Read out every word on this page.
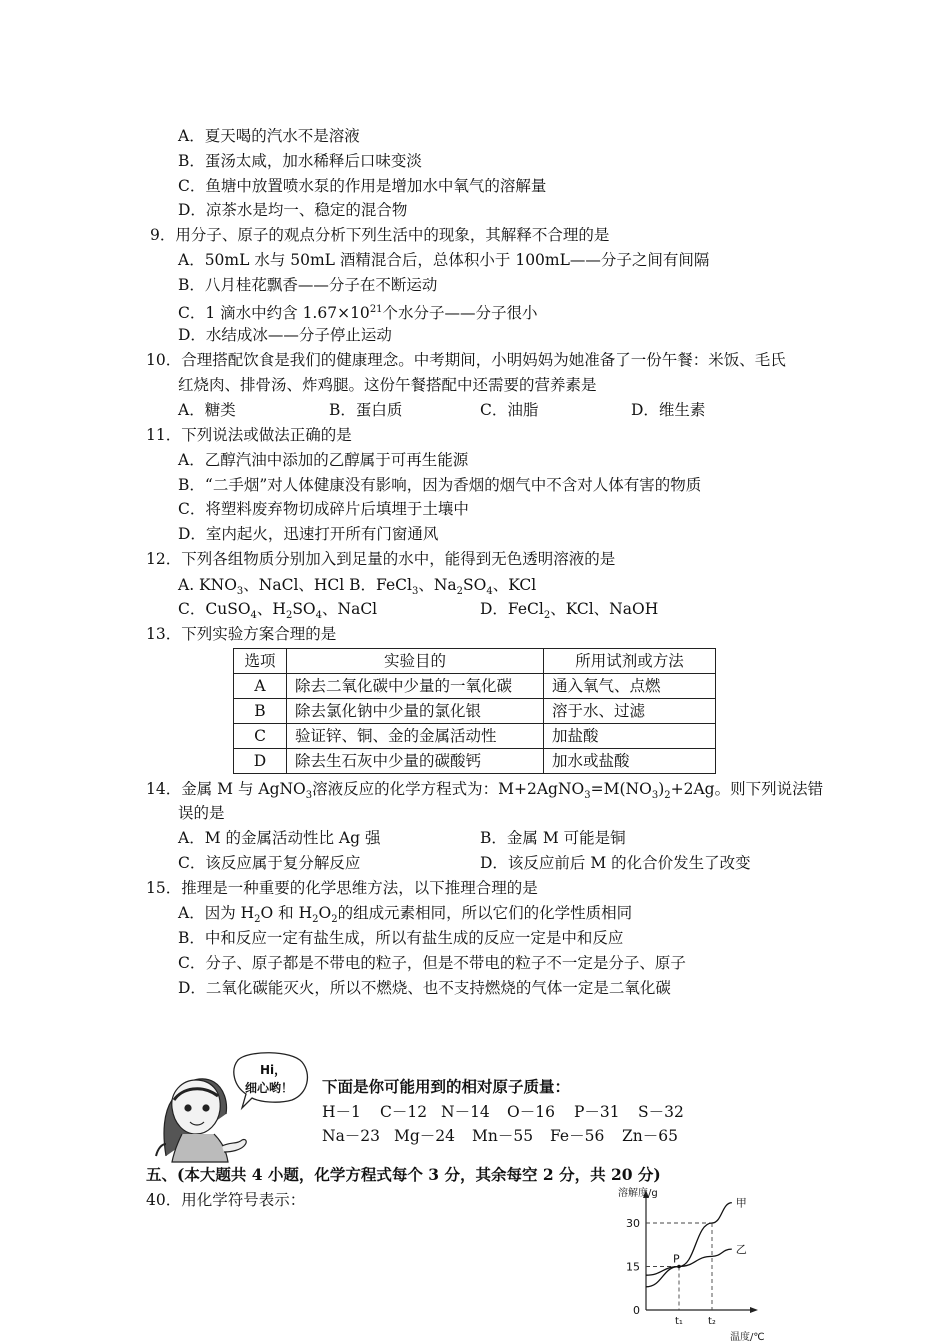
A．夏天喝的汽水不是溶液
B．蛋汤太咸，加水稀释后口味变淡
C．鱼塘中放置喷水泵的作用是增加水中氧气的溶解量
D．凉茶水是均一、稳定的混合物
9．用分子、原子的观点分析下列生活中的现象，其解释不合理的是
A．50mL 水与 50mL 酒精混合后，总体积小于 100mL——分子之间有间隔
B．八月桂花飘香——分子在不断运动
C．1 滴水中约含 $1.67\times 10^{21}$个水分子——分子很小
D．水结成冰——分子停止运动
10．合理搭配饮食是我们的健康理念。中考期间，小明妈妈为她准备了一份午餐：米饭、毛氏
红烧肉、排骨汤、炸鸡腿。这份午餐搭配中还需要的营养素是
A．糖类	B．蛋白质	C．油脂	D．维生素
11．下列说法或做法正确的是
A．乙醇汽油中添加的乙醇属于可再生能源
B．“二手烟”对人体健康没有影响，因为香烟的烟气中不含对人体有害的物质
C．将塑料废弃物切成碎片后填埋于土壤中
D．室内起火，迅速打开所有门窗通风
12．下列各组物质分别加入到足量的水中，能得到无色透明溶液的是
A. $KNO_3$、NaCl、HCl B．FeCl$_3$、$Na_2SO_4$、KCl
C．CuSO$_4$、$H_2SO_4$、NaCl	D．FeCl$_2$、KCl、NaOH
13．下列实验方案合理的是
选项	实验目的	所用试剂或方法
A	除去二氧化碳中少量的一氧化碳	通入氧气、点燃
B	除去氯化钠中少量的氯化银	溶于水、过滤
C	验证锌、铜、金的金属活动性	加盐酸
D	除去生石灰中少量的碳酸钙	加水或盐酸
14．金属 M 与 AgNO$_3$溶液反应的化学方程式为：$M+2AgNO_3=M(NO_3)_2+2Ag$。则下列说法错
误的是
A．M 的金属活动性比 Ag 强	B．金属 M 可能是铜
C．该反应属于复分解反应	D．该反应前后 M 的化合价发生了改变
15．推理是一种重要的化学思维方法，以下推理合理的是
A．因为 $H_2O$ 和 $H_2O_2$的组成元素相同，所以它们的化学性质相同
B．中和反应一定有盐生成，所以有盐生成的反应一定是中和反应
C．分子、原子都是不带电的粒子，但是不带电的粒子不一定是分子、原子
D．二氧化碳能灭火，所以不燃烧、也不支持燃烧的气体一定是二氧化碳
Hi，
细心哟！ 下面是你可能用到的相对原子质量：
H－1 C－12 N－14 O－16 P－31 S－32
Na－23 Mg－24 Mn－55 Fe－56 Zn－65
五、(本大题共 4 小题，化学方程式每个 3 分，其余每空 2 分，共 20 分)
40．用化学符号表示：	溶解度/g
温度/℃
t₁	t₂
0
15
30
甲
乙
P
